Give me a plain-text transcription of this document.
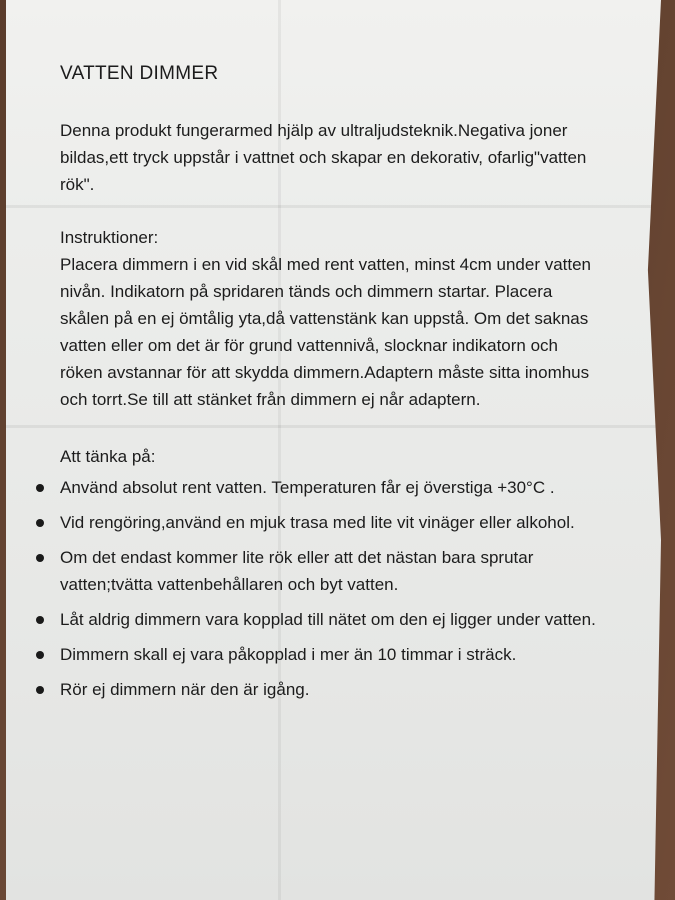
VATTEN DIMMER

Denna produkt fungerarmed hjälp av ultraljudsteknik.Negativa joner bildas,ett tryck uppstår i vattnet och skapar en dekorativ, ofarlig"vatten rök".

Instruktioner:

Placera dimmern i en vid skål med rent vatten, minst 4cm under vatten nivån. Indikatorn på spridaren tänds och dimmern startar. Placera skålen på en ej ömtålig yta,då vattenstänk kan uppstå. Om det saknas vatten eller om det är för grund vattennivå, slocknar indikatorn och röken avstannar för att skydda dimmern.Adaptern måste sitta inomhus och torrt.Se till att stänket från dimmern ej når adaptern.

Att tänka på:

Använd absolut rent vatten. Temperaturen får ej överstiga +30°C .
Vid rengöring,använd en mjuk trasa med lite vit vinäger eller alkohol.
Om det endast kommer lite rök eller att det nästan bara sprutar vatten;tvätta vattenbehållaren och byt vatten.
Låt aldrig dimmern vara kopplad till nätet om den ej ligger under vatten.
Dimmern skall ej vara påkopplad i mer än 10 timmar i sträck.
Rör ej dimmern när den är igång.
